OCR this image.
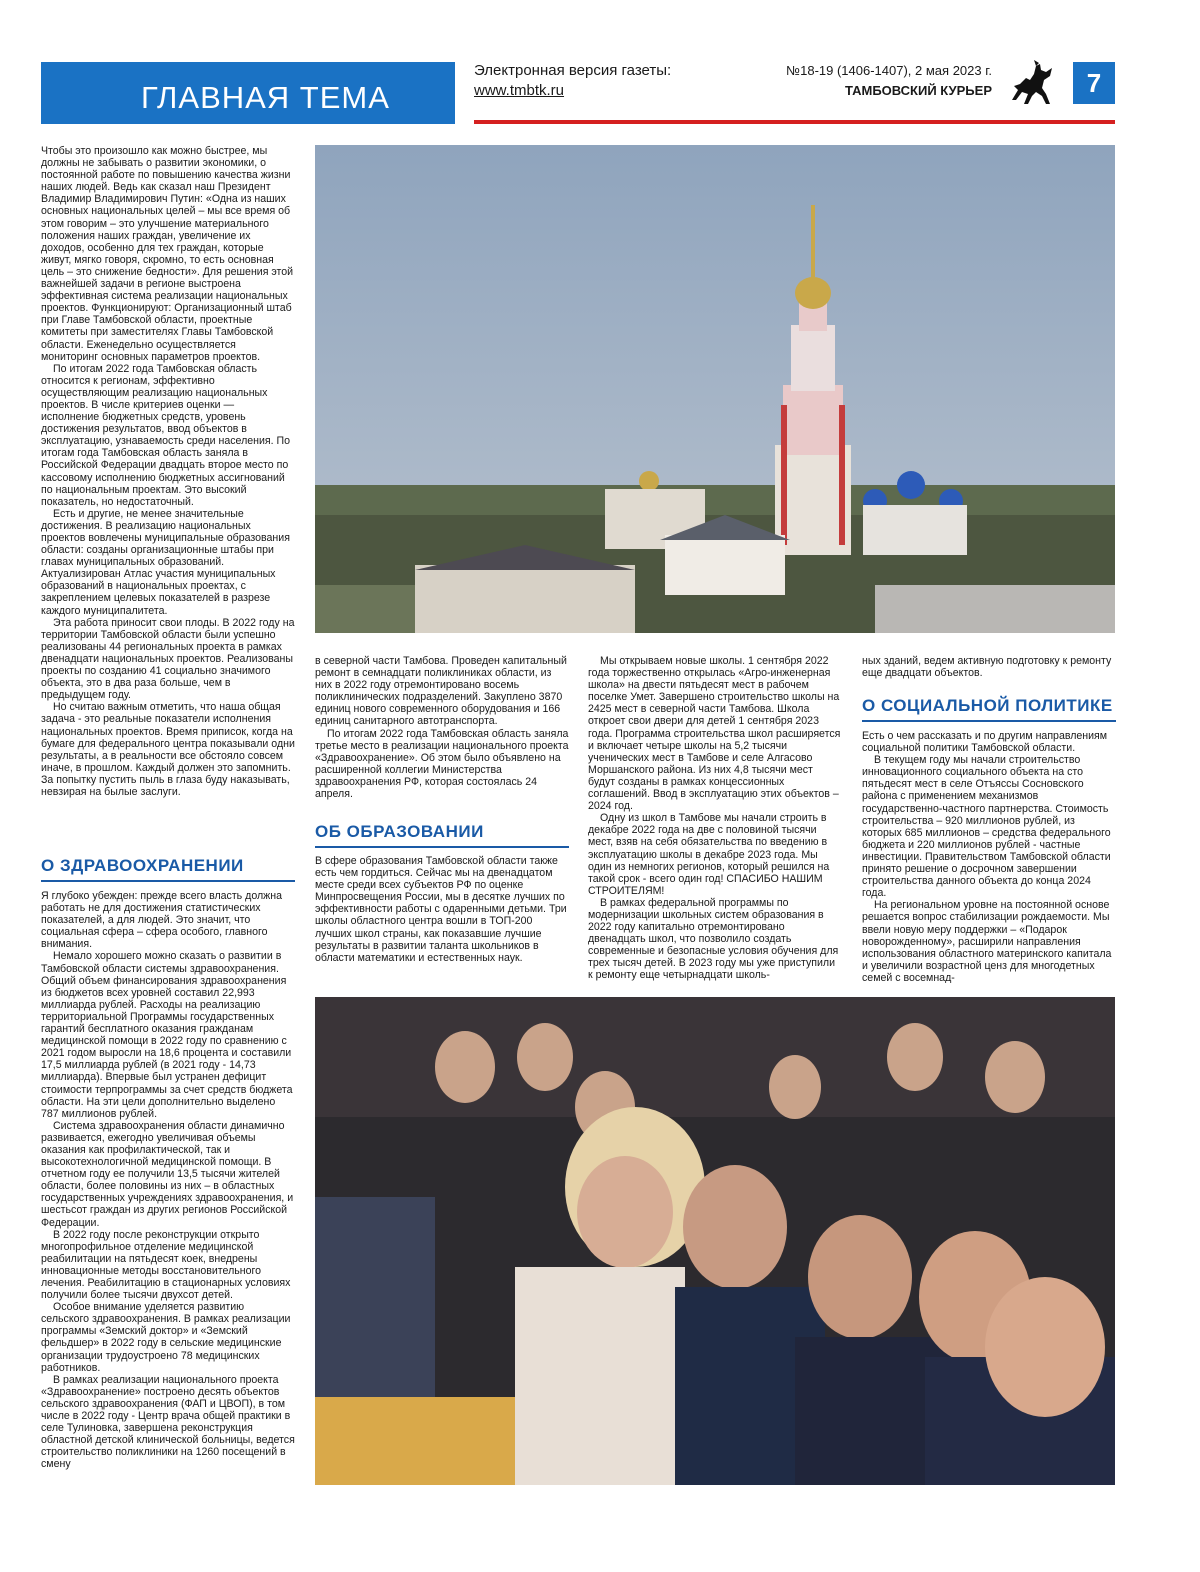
ГЛАВНАЯ ТЕМА
Электронная версия газеты:
www.tmbtk.ru
№18-19 (1406-1407), 2 мая 2023 г.
ТАМБОВСКИЙ КУРЬЕР	7

Чтобы это произошло как можно быстрее, мы должны не забывать о развитии экономики, о постоянной работе по повышению качества жизни наших людей. Ведь как сказал наш Президент Владимир Владимирович Путин: «Одна из наших основных национальных целей – мы все время об этом говорим – это улучшение материального положения наших граждан, увеличение их доходов, особенно для тех граждан, которые живут, мягко говоря, скромно, то есть основная цель – это снижение бедности». Для решения этой важнейшей задачи в регионе выстроена эффективная система реализации национальных проектов. Функционируют: Организационный штаб при Главе Тамбовской области, проектные комитеты при заместителях Главы Тамбовской области. Еженедельно осуществляется мониторинг основных параметров проектов.

По итогам 2022 года Тамбовская область относится к регионам, эффективно осуществляющим реализацию национальных проектов. В числе критериев оценки — исполнение бюджетных средств, уровень достижения результатов, ввод объектов в эксплуатацию, узнаваемость среди населения. По итогам года Тамбовская область заняла в Российской Федерации двадцать второе место по кассовому исполнению бюджетных ассигнований по национальным проектам. Это высокий показатель, но недостаточный.

Есть и другие, не менее значительные достижения. В реализацию национальных проектов вовлечены муниципальные образования области: созданы организационные штабы при главах муниципальных образований. Актуализирован Атлас участия муниципальных образований в национальных проектах, с закреплением целевых показателей в разрезе каждого муниципалитета.

Эта работа приносит свои плоды. В 2022 году на территории Тамбовской области были успешно реализованы 44 региональных проекта в рамках двенадцати национальных проектов. Реализованы проекты по созданию 41 социально значимого объекта, это в два раза больше, чем в предыдущем году.

Но считаю важным отметить, что наша общая задача - это реальные показатели исполнения национальных проектов. Время приписок, когда на бумаге для федерального центра показывали одни результаты, а в реальности все обстояло совсем иначе, в прошлом. Каждый должен это запомнить. За попытку пустить пыль в глаза буду наказывать, невзирая на былые заслуги.

О ЗДРАВООХРАНЕНИИ

Я глубоко убежден: прежде всего власть должна работать не для достижения статистических показателей, а для людей. Это значит, что социальная сфера – сфера особого, главного внимания.

Немало хорошего можно сказать о развитии в Тамбовской области системы здравоохранения. Общий объем финансирования здравоохранения из бюджетов всех уровней составил 22,993 миллиарда рублей. Расходы на реализацию территориальной Программы государственных гарантий бесплатного оказания гражданам медицинской помощи в 2022 году по сравнению с 2021 годом выросли на 18,6 процента и составили 17,5 миллиарда рублей (в 2021 году - 14,73 миллиарда). Впервые был устранен дефицит стоимости терпрограммы за счет средств бюджета области. На эти цели дополнительно выделено 787 миллионов рублей.

Система здравоохранения области динамично развивается, ежегодно увеличивая объемы оказания как профилактической, так и высокотехнологичной медицинской помощи. В отчетном году ее получили 13,5 тысячи жителей области, более половины из них – в областных государственных учреждениях здравоохранения, и шестьсот граждан из других регионов Российской Федерации.

В 2022 году после реконструкции открыто многопрофильное отделение медицинской реабилитации на пятьдесят коек, внедрены инновационные методы восстановительного лечения. Реабилитацию в стационарных условиях получили более тысячи двухсот детей.

Особое внимание уделяется развитию сельского здравоохранения. В рамках реализации программы «Земский доктор» и «Земский фельдшер» в 2022 году в сельские медицинские организации трудоустроено 78 медицинских работников.

В рамках реализации национального проекта «Здравоохранение» построено десять объектов сельского здравоохранения (ФАП и ЦВОП), в том числе в 2022 году - Центр врача общей практики в селе Тулиновка, завершена реконструкция областной детской клинической больницы, ведется строительство поликлиники на 1260 посещений в смену

в северной части Тамбова. Проведен капитальный ремонт в семнадцати поликлиниках области, из них в 2022 году отремонтировано восемь поликлинических подразделений. Закуплено 3870 единиц нового современного оборудования и 166 единиц санитарного автотранспорта.

По итогам 2022 года Тамбовская область заняла третье место в реализации национального проекта «Здравоохранение». Об этом было объявлено на расширенной коллегии Министерства здравоохранения РФ, которая состоялась 24 апреля.

ОБ ОБРАЗОВАНИИ

В сфере образования Тамбовской области также есть чем гордиться. Сейчас мы на двенадцатом месте среди всех субъектов РФ по оценке Минпросвещения России, мы в десятке лучших по эффективности работы с одаренными детьми. Три школы областного центра вошли в ТОП-200 лучших школ страны, как показавшие лучшие результаты в развитии таланта школьников в области математики и естественных наук.

Мы открываем новые школы. 1 сентября 2022 года торжественно открылась «Агро-инженерная школа» на двести пятьдесят мест в рабочем поселке Умет. Завершено строительство школы на 2425 мест в северной части Тамбова. Школа откроет свои двери для детей 1 сентября 2023 года. Программа строительства школ расширяется и включает четыре школы на 5,2 тысячи ученических мест в Тамбове и селе Алгасово Моршанского района. Из них 4,8 тысячи мест будут созданы в рамках концессионных соглашений. Ввод в эксплуатацию этих объектов – 2024 год.

Одну из школ в Тамбове мы начали строить в декабре 2022 года на две с половиной тысячи мест, взяв на себя обязательства по введению в эксплуатацию школы в декабре 2023 года. Мы один из немногих регионов, который решился на такой срок - всего один год! СПАСИБО НАШИМ СТРОИТЕЛЯМ!

В рамках федеральной программы по модернизации школьных систем образования в 2022 году капитально отремонтировано двенадцать школ, что позволило создать современные и безопасные условия обучения для трех тысяч детей. В 2023 году мы уже приступили к ремонту еще четырнадцати школь-

ных зданий, ведем активную подготовку к ремонту еще двадцати объектов.

О СОЦИАЛЬНОЙ ПОЛИТИКЕ

Есть о чем рассказать и по другим направлениям социальной политики Тамбовской области.

В текущем году мы начали строительство инновационного социального объекта на сто пятьдесят мест в селе Отъяссы Сосновского района с применением механизмов государственно-частного партнерства. Стоимость строительства – 920 миллионов рублей, из которых 685 миллионов – средства федерального бюджета и 220 миллионов рублей - частные инвестиции. Правительством Тамбовской области принято решение о досрочном завершении строительства данного объекта до конца 2024 года.

На региональном уровне на постоянной основе решается вопрос стабилизации рождаемости. Мы ввели новую меру поддержки – «Подарок новорожденному», расширили направления использования областного материнского капитала и увеличили возрастной ценз для многодетных семей с восемнад-
